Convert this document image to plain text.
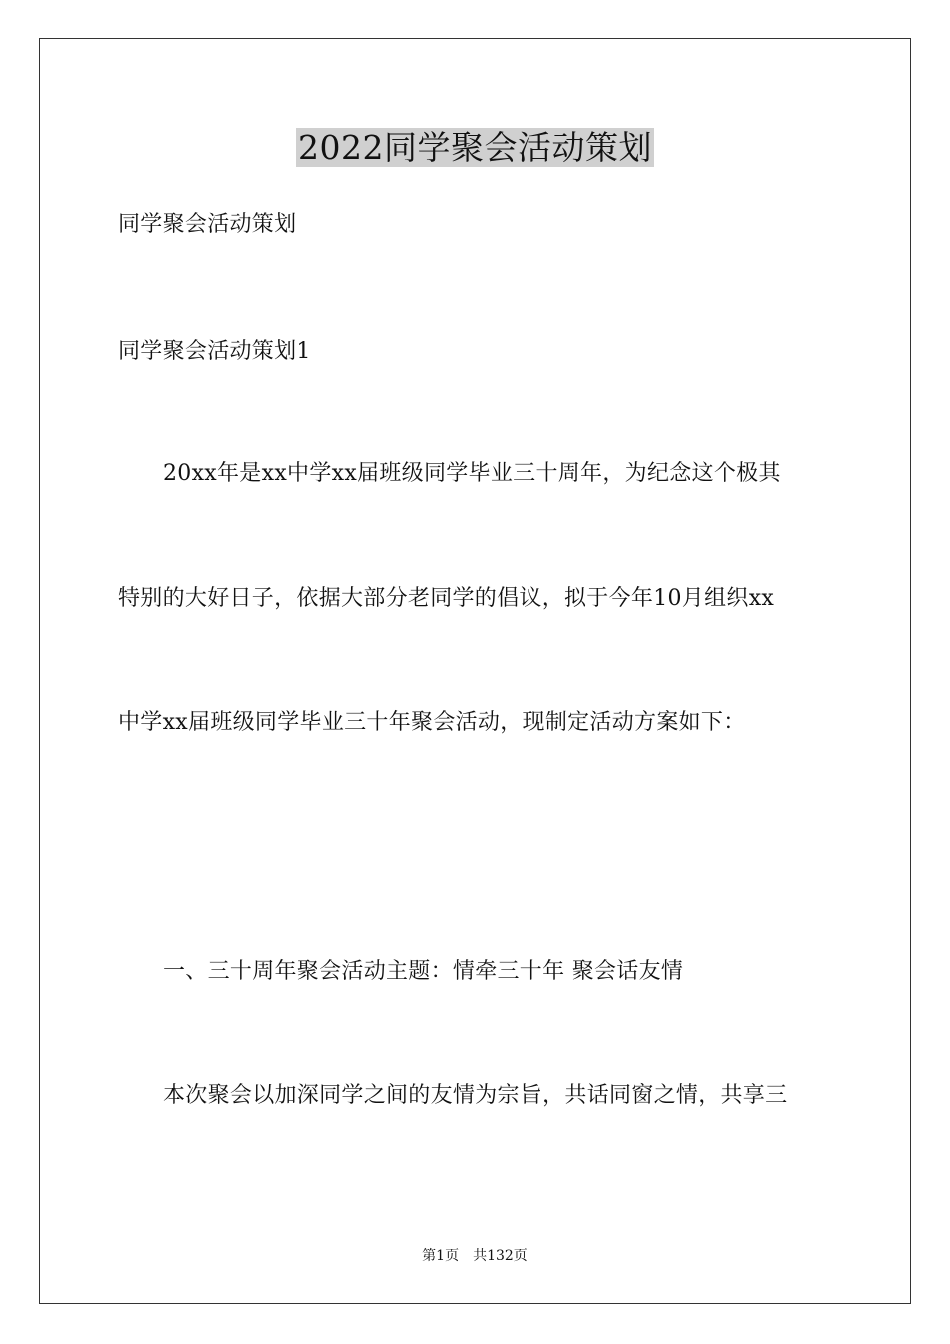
2022同学聚会活动策划
同学聚会活动策划
同学聚会活动策划1
20xx年是xx中学xx届班级同学毕业三十周年，为纪念这个极其
特别的大好日子，依据大部分老同学的倡议，拟于今年10月组织xx
中学xx届班级同学毕业三十年聚会活动，现制定活动方案如下：
一、三十周年聚会活动主题：情牵三十年 聚会话友情
本次聚会以加深同学之间的友情为宗旨，共话同窗之情，共享三
第1页　共132页
